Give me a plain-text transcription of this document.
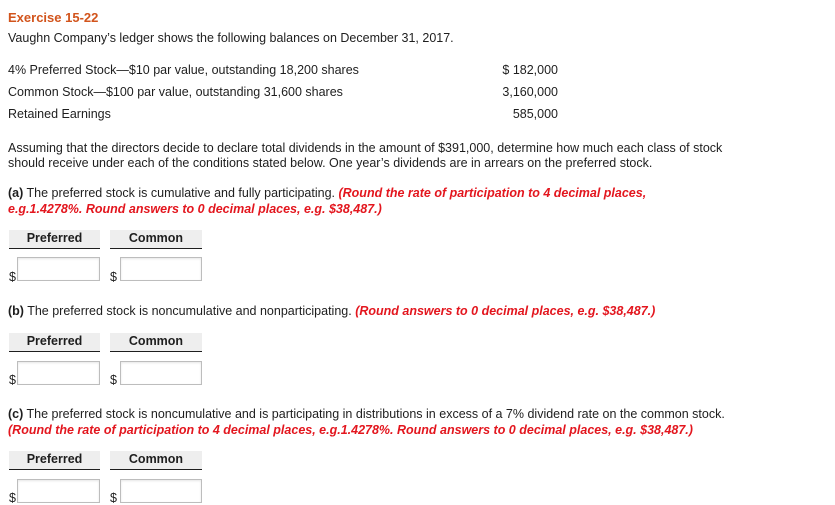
Exercise 15-22
Vaughn Company’s ledger shows the following balances on December 31, 2017.
4% Preferred Stock—$10 par value, outstanding 18,200 shares	$ 182,000
Common Stock—$100 par value, outstanding 31,600 shares	3,160,000
Retained Earnings	585,000
Assuming that the directors decide to declare total dividends in the amount of $391,000, determine how much each class of stock
should receive under each of the conditions stated below. One year’s dividends are in arrears on the preferred stock.
(a) The preferred stock is cumulative and fully participating. (Round the rate of participation to 4 decimal places,
e.g.1.4278%. Round answers to 0 decimal places, e.g. $38,487.)
Preferred	Common
$	$
(b) The preferred stock is noncumulative and nonparticipating. (Round answers to 0 decimal places, e.g. $38,487.)
Preferred	Common
$	$
(c) The preferred stock is noncumulative and is participating in distributions in excess of a 7% dividend rate on the common stock.
(Round the rate of participation to 4 decimal places, e.g.1.4278%. Round answers to 0 decimal places, e.g. $38,487.)
Preferred	Common
$	$
